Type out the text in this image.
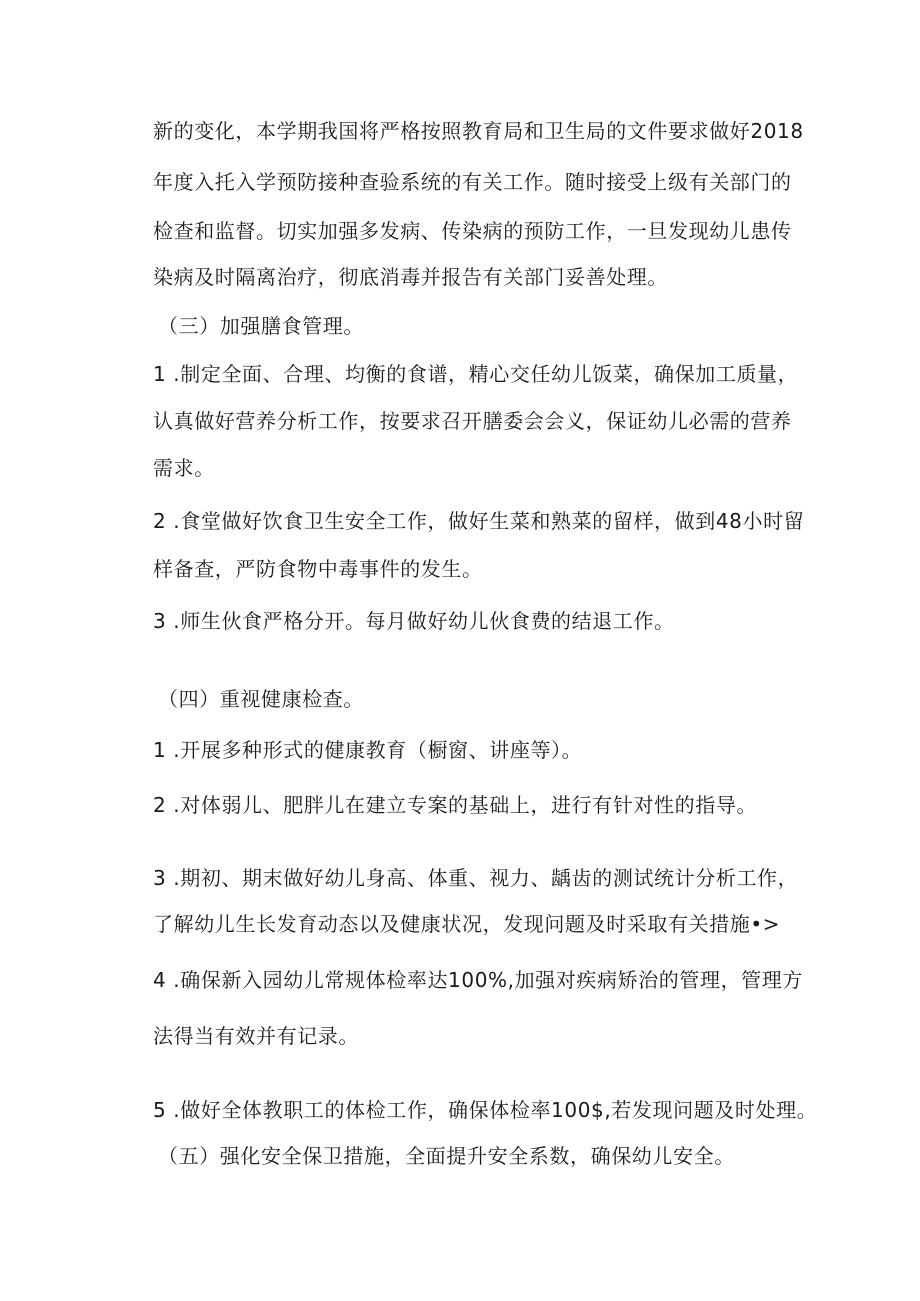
新的变化，本学期我国将严格按照教育局和卫生局的文件要求做好2018

年度入托入学预防接种查验系统的有关工作。随时接受上级有关部门的

检查和监督。切实加强多发病、传染病的预防工作，一旦发现幼儿患传

染病及时隔离治疗，彻底消毒并报告有关部门妥善处理。

（三）加强膳食管理。

1 .制定全面、合理、均衡的食谱，精心交任幼儿饭菜，确保加工质量，

认真做好营养分析工作，按要求召开膳委会会义，保证幼儿必需的营养

需求。

2 .食堂做好饮食卫生安全工作，做好生菜和熟菜的留样，做到48小时留

样备查，严防食物中毒事件的发生。

3 .师生伙食严格分开。每月做好幼儿伙食费的结退工作。

（四）重视健康检查。

1 .开展多种形式的健康教育（橱窗、讲座等）。

2 .对体弱儿、肥胖儿在建立专案的基础上，进行有针对性的指导。

3 .期初、期末做好幼儿身高、体重、视力、龋齿的测试统计分析工作，

了解幼儿生长发育动态以及健康状况，发现问题及时采取有关措施•>

4 .确保新入园幼儿常规体检率达100%,加强对疾病矫治的管理，管理方

法得当有效并有记录。

5 .做好全体教职工的体检工作，确保体检率100$,若发现问题及时处理。

（五）强化安全保卫措施，全面提升安全系数，确保幼儿安全。
